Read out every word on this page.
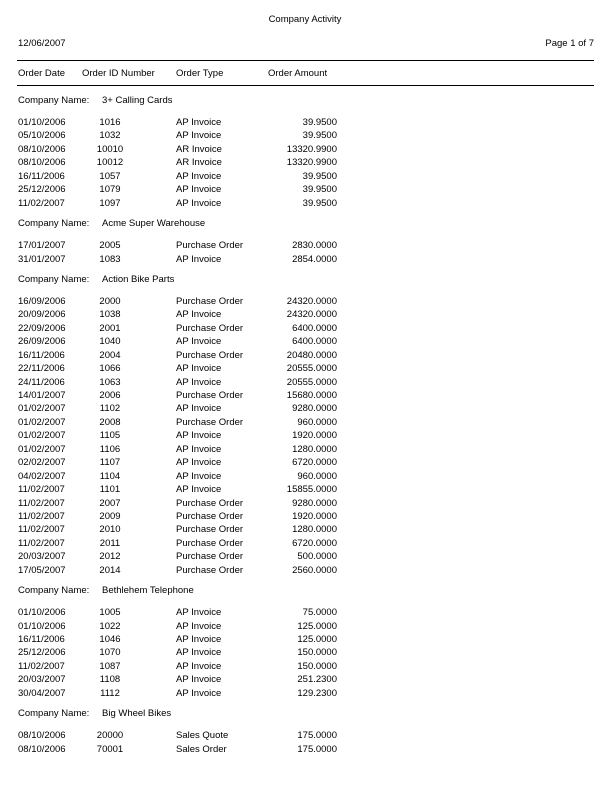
Company Activity
12/06/2007	Page 1 of 7
Order Date Order ID Number Order Type	Order Amount
Company Name: 3+ Calling Cards
01/10/2006	1016	AP Invoice	39.9500
05/10/2006	1032	AP Invoice	39.9500
08/10/2006	10010	AR Invoice	13320.9900
08/10/2006	10012	AR Invoice	13320.9900
16/11/2006	1057	AP Invoice	39.9500
25/12/2006	1079	AP Invoice	39.9500
11/02/2007	1097	AP Invoice	39.9500
Company Name: Acme Super Warehouse
17/01/2007	2005	Purchase Order	2830.0000
31/01/2007	1083	AP Invoice	2854.0000
Company Name: Action Bike Parts
16/09/2006	2000	Purchase Order	24320.0000
20/09/2006	1038	AP Invoice	24320.0000
22/09/2006	2001	Purchase Order	6400.0000
26/09/2006	1040	AP Invoice	6400.0000
16/11/2006	2004	Purchase Order	20480.0000
22/11/2006	1066	AP Invoice	20555.0000
24/11/2006	1063	AP Invoice	20555.0000
14/01/2007	2006	Purchase Order	15680.0000
01/02/2007	1102	AP Invoice	9280.0000
01/02/2007	2008	Purchase Order	960.0000
01/02/2007	1105	AP Invoice	1920.0000
01/02/2007	1106	AP Invoice	1280.0000
02/02/2007	1107	AP Invoice	6720.0000
04/02/2007	1104	AP Invoice	960.0000
11/02/2007	1101	AP Invoice	15855.0000
11/02/2007	2007	Purchase Order	9280.0000
11/02/2007	2009	Purchase Order	1920.0000
11/02/2007	2010	Purchase Order	1280.0000
11/02/2007	2011	Purchase Order	6720.0000
20/03/2007	2012	Purchase Order	500.0000
17/05/2007	2014	Purchase Order	2560.0000
Company Name: Bethlehem Telephone
01/10/2006	1005	AP Invoice	75.0000
01/10/2006	1022	AP Invoice	125.0000
16/11/2006	1046	AP Invoice	125.0000
25/12/2006	1070	AP Invoice	150.0000
11/02/2007	1087	AP Invoice	150.0000
20/03/2007	1108	AP Invoice	251.2300
30/04/2007	1112	AP Invoice	129.2300
Company Name: Big Wheel Bikes
08/10/2006	20000	Sales Quote	175.0000
08/10/2006	70001	Sales Order	175.0000
